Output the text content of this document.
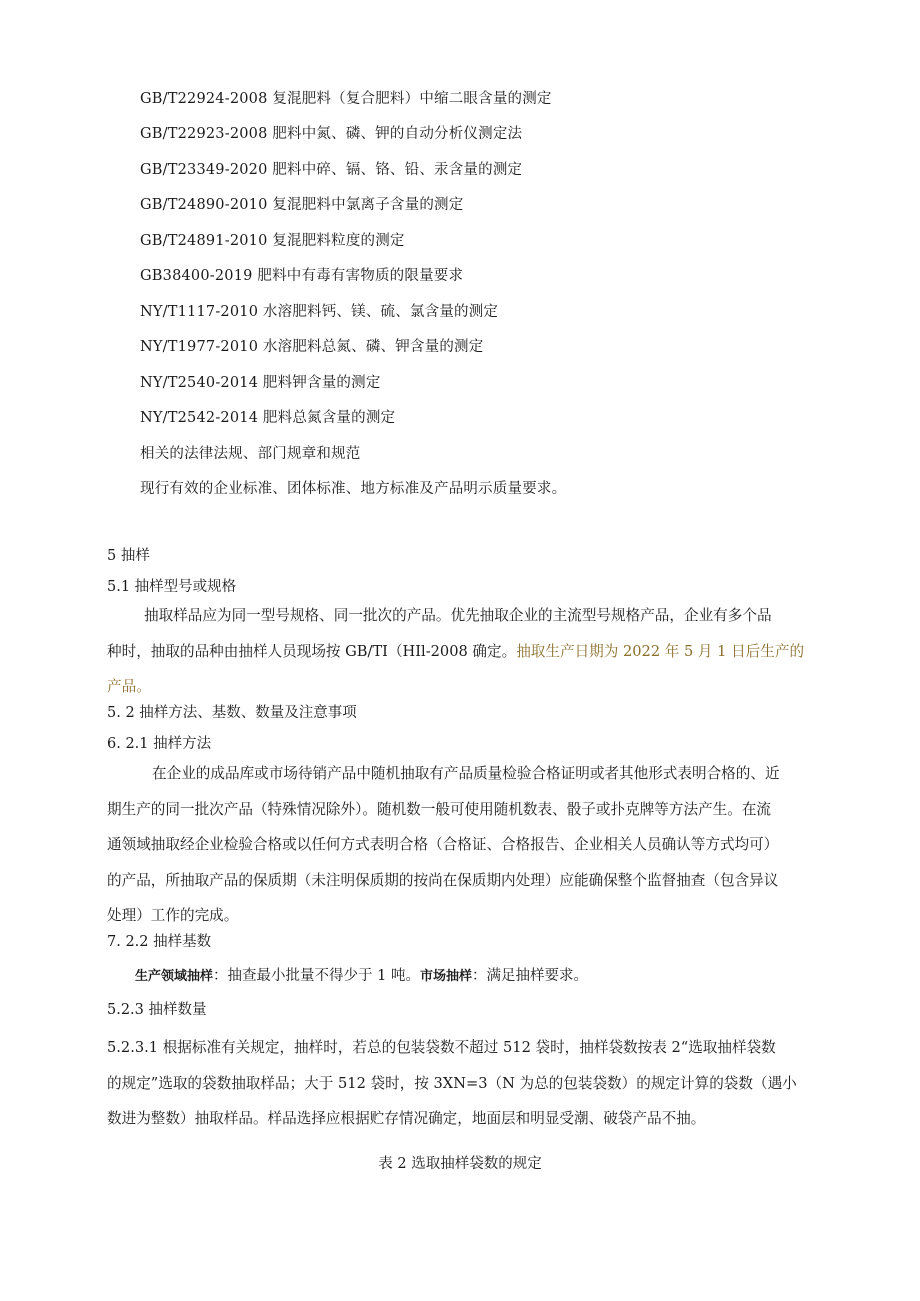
GB/T22924-2008 复混肥料（复合肥料）中缩二眼含量的测定
GB/T22923-2008 肥料中氮、磷、钾的自动分析仪测定法
GB/T23349-2020 肥料中碎、镉、铬、铅、汞含量的测定
GB/T24890-2010 复混肥料中氯离子含量的测定
GB/T24891-2010 复混肥料粒度的测定
GB38400-2019 肥料中有毒有害物质的限量要求
NY/T1117-2010 水溶肥料钙、镁、硫、氯含量的测定
NY/T1977-2010 水溶肥料总氮、磷、钾含量的测定
NY/T2540-2014 肥料钾含量的测定
NY/T2542-2014 肥料总氮含量的测定
相关的法律法规、部门规章和规范
现行有效的企业标准、团体标准、地方标准及产品明示质量要求。
5 抽样
5.1 抽样型号或规格
抽取样品应为同一型号规格、同一批次的产品。优先抽取企业的主流型号规格产品，企业有多个品
种时，抽取的品种由抽样人员现场按 GB/TI（HIl-2008 确定。抽取生产日期为 2022 年 5 月 1 日后生产的
产品。
5. 2 抽样方法、基数、数量及注意事项
6. 2.1 抽样方法
在企业的成品库或市场待销产品中随机抽取有产品质量检验合格证明或者其他形式表明合格的、近
期生产的同一批次产品（特殊情况除外）。随机数一般可使用随机数表、骰子或扑克牌等方法产生。在流
通领域抽取经企业检验合格或以任何方式表明合格（合格证、合格报告、企业相关人员确认等方式均可）
的产品，所抽取产品的保质期（未注明保质期的按尚在保质期内处理）应能确保整个监督抽查（包含异议
处理）工作的完成。
7. 2.2 抽样基数
生产领域抽样：抽查最小批量不得少于 1 吨。市场抽样：满足抽样要求。
5.2.3 抽样数量
5.2.3.1 根据标准有关规定，抽样时，若总的包装袋数不超过 512 袋时，抽样袋数按表 2“选取抽样袋数
的规定”选取的袋数抽取样品；大于 512 袋时，按 3XN=3（N 为总的包装袋数）的规定计算的袋数（遇小
数进为整数）抽取样品。样品选择应根据贮存情况确定，地面层和明显受潮、破袋产品不抽。
表 2 选取抽样袋数的规定
